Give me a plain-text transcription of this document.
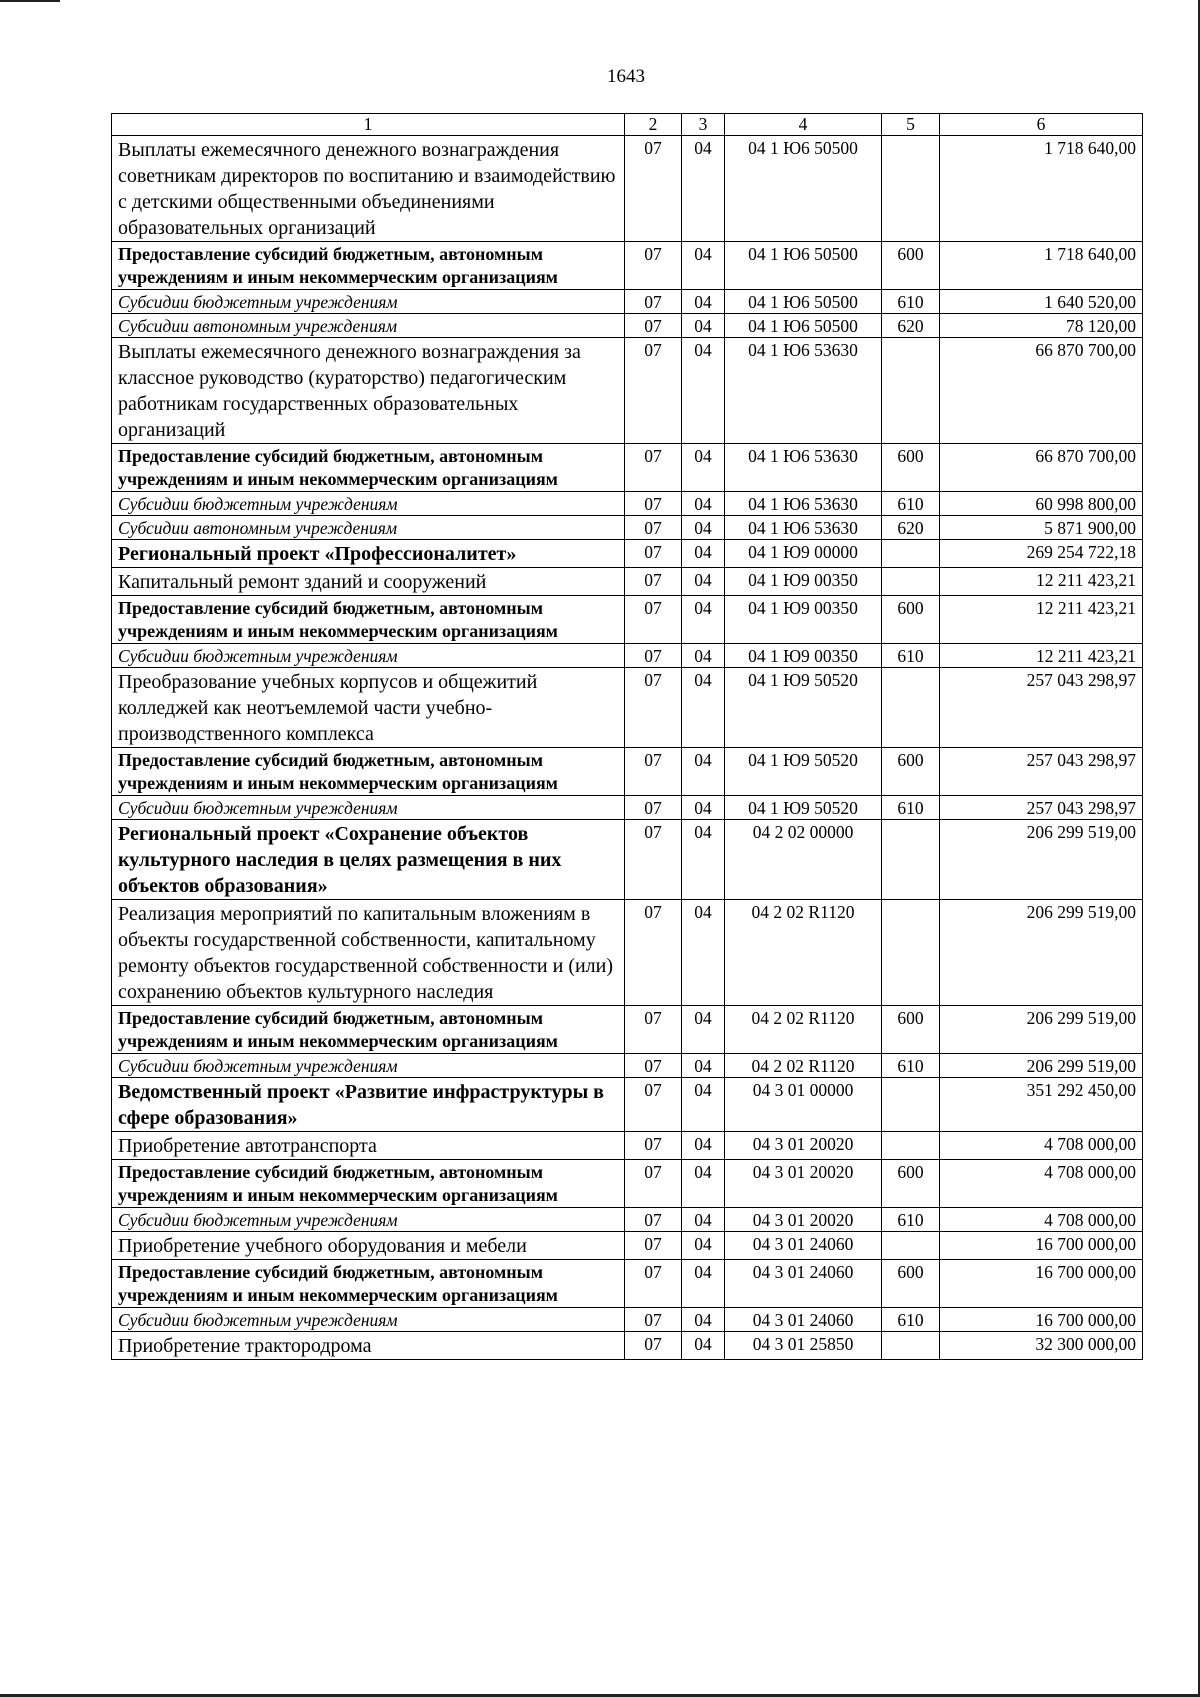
1643
1	2	3	4	5	6
Выплаты ежемесячного денежного вознаграждения советникам директоров по воспитанию и взаимодействию с детскими общественными объединениями образовательных организаций	07	04	04 1 Ю6 50500		1 718 640,00
Предоставление субсидий бюджетным, автономным учреждениям и иным некоммерческим организациям	07	04	04 1 Ю6 50500	600	1 718 640,00
Субсидии бюджетным учреждениям	07	04	04 1 Ю6 50500	610	1 640 520,00
Субсидии автономным учреждениям	07	04	04 1 Ю6 50500	620	78 120,00
Выплаты ежемесячного денежного вознаграждения за классное руководство (кураторство) педагогическим работникам государственных образовательных организаций	07	04	04 1 Ю6 53630		66 870 700,00
Предоставление субсидий бюджетным, автономным учреждениям и иным некоммерческим организациям	07	04	04 1 Ю6 53630	600	66 870 700,00
Субсидии бюджетным учреждениям	07	04	04 1 Ю6 53630	610	60 998 800,00
Субсидии автономным учреждениям	07	04	04 1 Ю6 53630	620	5 871 900,00
Региональный проект «Профессионалитет»	07	04	04 1 Ю9 00000		269 254 722,18
Капитальный ремонт зданий и сооружений	07	04	04 1 Ю9 00350		12 211 423,21
Предоставление субсидий бюджетным, автономным учреждениям и иным некоммерческим организациям	07	04	04 1 Ю9 00350	600	12 211 423,21
Субсидии бюджетным учреждениям	07	04	04 1 Ю9 00350	610	12 211 423,21
Преобразование учебных корпусов и общежитий колледжей как неотъемлемой части учебно-производственного комплекса	07	04	04 1 Ю9 50520		257 043 298,97
Предоставление субсидий бюджетным, автономным учреждениям и иным некоммерческим организациям	07	04	04 1 Ю9 50520	600	257 043 298,97
Субсидии бюджетным учреждениям	07	04	04 1 Ю9 50520	610	257 043 298,97
Региональный проект «Сохранение объектов культурного наследия в целях размещения в них объектов образования»	07	04	04 2 02 00000		206 299 519,00
Реализация мероприятий по капитальным вложениям в объекты государственной собственности, капитальному ремонту объектов государственной собственности и (или) сохранению объектов культурного наследия	07	04	04 2 02 R1120		206 299 519,00
Предоставление субсидий бюджетным, автономным учреждениям и иным некоммерческим организациям	07	04	04 2 02 R1120	600	206 299 519,00
Субсидии бюджетным учреждениям	07	04	04 2 02 R1120	610	206 299 519,00
Ведомственный проект «Развитие инфраструктуры в сфере образования»	07	04	04 3 01 00000		351 292 450,00
Приобретение автотранспорта	07	04	04 3 01 20020		4 708 000,00
Предоставление субсидий бюджетным, автономным учреждениям и иным некоммерческим организациям	07	04	04 3 01 20020	600	4 708 000,00
Субсидии бюджетным учреждениям	07	04	04 3 01 20020	610	4 708 000,00
Приобретение учебного оборудования и мебели	07	04	04 3 01 24060		16 700 000,00
Предоставление субсидий бюджетным, автономным учреждениям и иным некоммерческим организациям	07	04	04 3 01 24060	600	16 700 000,00
Субсидии бюджетным учреждениям	07	04	04 3 01 24060	610	16 700 000,00
Приобретение трактородрома	07	04	04 3 01 25850		32 300 000,00
